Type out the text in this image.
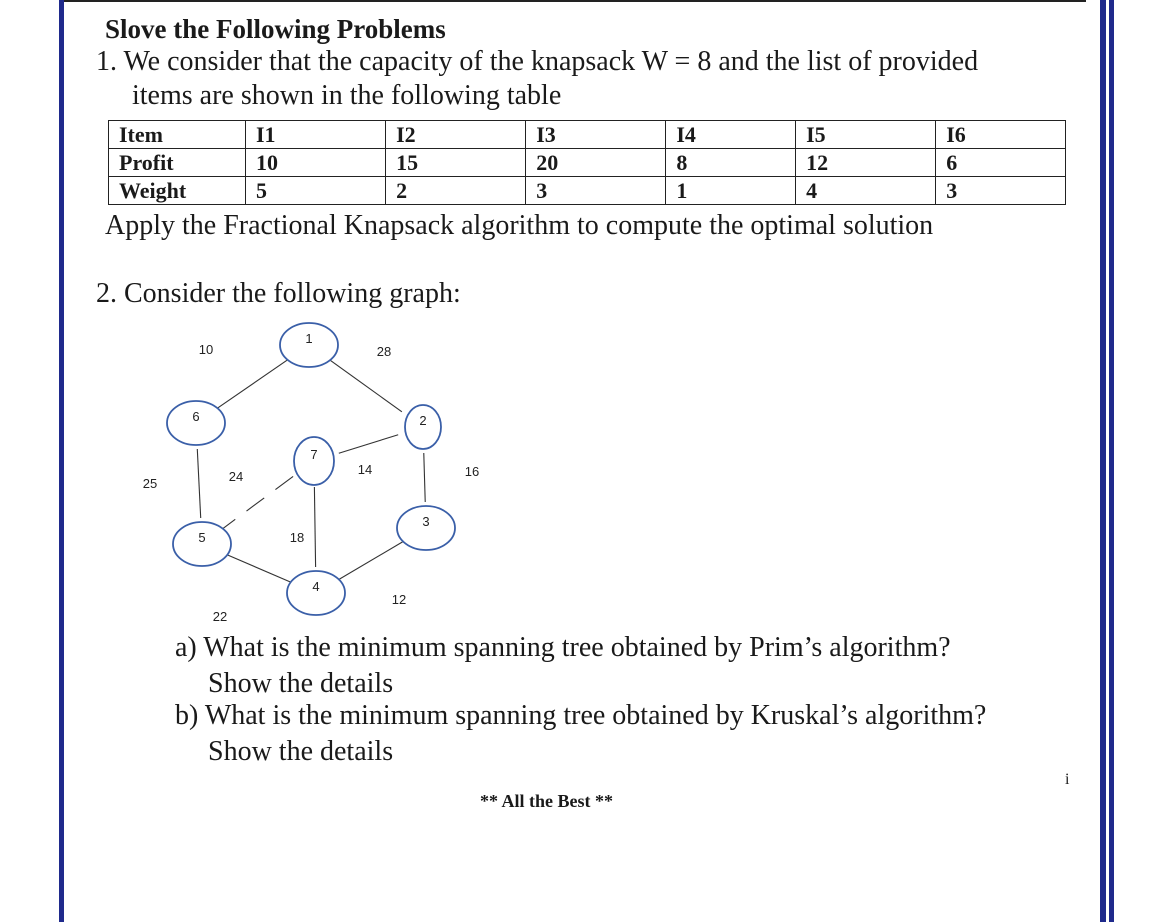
Slove the Following Problems
1. We consider that the capacity of the knapsack W = 8 and the list of provided
items are shown in the following table
Item	I1	I2	I3	I4	I5	I6
Profit	10	15	20	8	12	6
Weight	5	2	3	1	4	3
Apply the Fractional Knapsack algorithm to compute the optimal solution
2. Consider the following graph:
10	28
25
14	16
24
18
22
12
1
2
3
4
5
6
7
a) What is the minimum spanning tree obtained by Prim’s algorithm?
Show the details
b) What is the minimum spanning tree obtained by Kruskal’s algorithm?
Show the details
i
** All the Best **
